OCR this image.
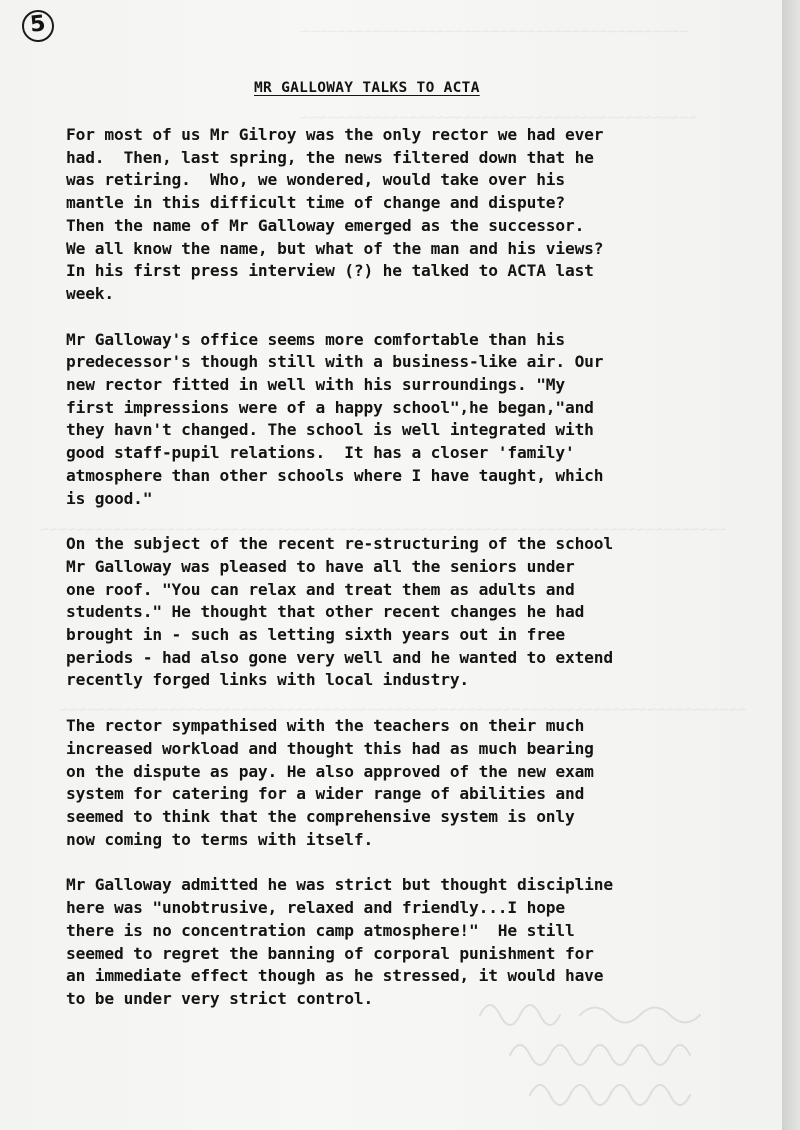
~~~~~~~~~~~~~~~~~~~~~~~~~~~~~~~~~~~~~~~~~~~
~~~~~~~~~~~~~~~~~~~~~~~~~~~~~~~~~~~~~~~~~~~~
~~~~~~~~~~~~~~~~~~~~~~~~~~~~~~~~~~~~~~~~~~~~~~~~~~~~~~~~~~~~~~~~~~~~~~~~~~~~
~~~~~~~~~~~~~~~~~~~~~~~~~~~~~~~~~~~~~~~~~~~~~~~~~~~~~~~~~~~~~~~~~~~~~~~~~~~~
5
MR GALLOWAY TALKS TO ACTA
For most of us Mr Gilroy was the only rector we had ever
had.  Then, last spring, the news filtered down that he
was retiring.  Who, we wondered, would take over his
mantle in this difficult time of change and dispute?
Then the name of Mr Galloway emerged as the successor.
We all know the name, but what of the man and his views?
In his first press interview (?) he talked to ACTA last
week.
Mr Galloway's office seems more comfortable than his
predecessor's though still with a business-like air. Our
new rector fitted in well with his surroundings. "My
first impressions were of a happy school",he began,"and
they havn't changed. The school is well integrated with
good staff-pupil relations.  It has a closer 'family'
atmosphere than other schools where I have taught, which
is good."
On the subject of the recent re-structuring of the school
Mr Galloway was pleased to have all the seniors under
one roof. "You can relax and treat them as adults and
students." He thought that other recent changes he had
brought in - such as letting sixth years out in free
periods - had also gone very well and he wanted to extend
recently forged links with local industry.
The rector sympathised with the teachers on their much
increased workload and thought this had as much bearing
on the dispute as pay. He also approved of the new exam
system for catering for a wider range of abilities and
seemed to think that the comprehensive system is only
now coming to terms with itself.
Mr Galloway admitted he was strict but thought discipline
here was "unobtrusive, relaxed and friendly...I hope
there is no concentration camp atmosphere!"  He still
seemed to regret the banning of corporal punishment for
an immediate effect though as he stressed, it would have
to be under very strict control.
